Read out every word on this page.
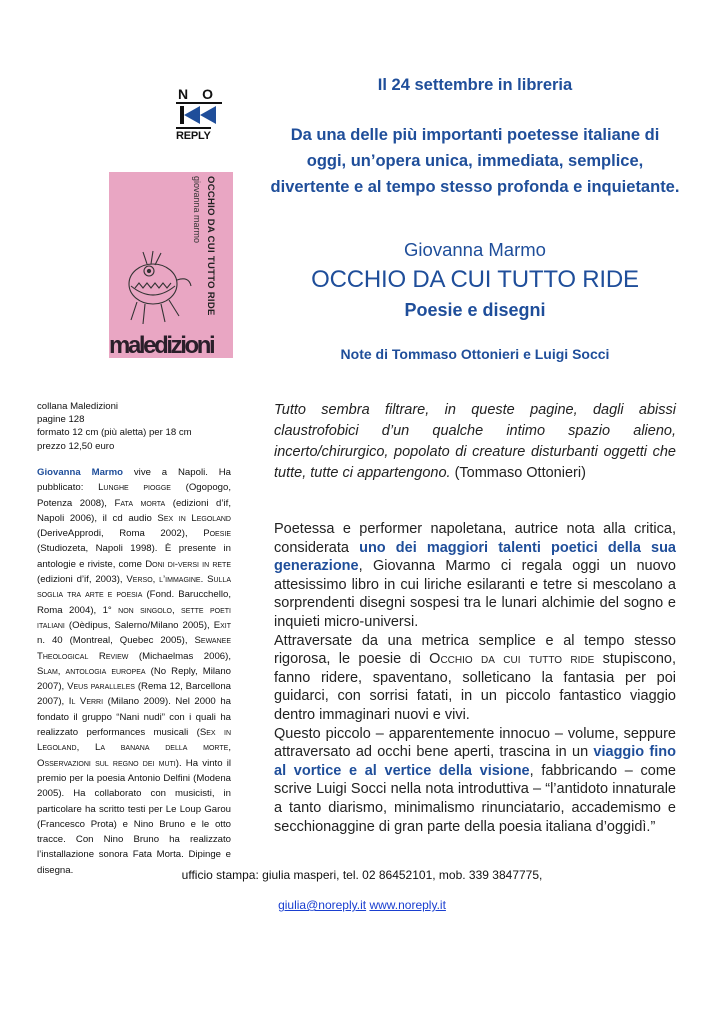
NO
REPLY
giovanna marmo OCCHIO DA CUI TUTTO RIDE
maledizioni
Il 24 settembre in libreria
Da una delle più importanti poetesse italiane di oggi, un’opera unica, immediata, semplice, divertente e al tempo stesso profonda e inquietante.
Giovanna Marmo
OCCHIO DA CUI TUTTO RIDE
Poesie e disegni
Note di Tommaso Ottonieri e Luigi Socci
collana Maledizioni
pagine 128
formato 12 cm (più aletta) per 18 cm
prezzo 12,50 euro
Giovanna Marmo vive a Napoli. Ha pubblicato: Lunghe piogge (Ogopogo, Potenza 2008), Fata morta (edizioni d’if, Napoli 2006), il cd audio Sex in Legoland (DeriveApprodi, Roma 2002), Poesie (Studiozeta, Napoli 1998). È presente in antologie e riviste, come Doni di-versi in rete (edizioni d’if, 2003), Verso, l’immagine. Sulla soglia tra arte e poesia (Fond. Barucchello, Roma 2004), 1° non singolo, sette poeti italiani (Oèdipus, Salerno/Milano 2005), Exit n. 40 (Montreal, Quebec 2005), Sewanee Theological Review (Michaelmas 2006), Slam, antologia europea (No Reply, Milano 2007), Veus paralleles (Rema 12, Barcellona 2007), Il Verri (Milano 2009). Nel 2000 ha fondato il gruppo “Nani nudi” con i quali ha realizzato performances musicali (Sex in Legoland, La banana della morte, Osservazioni sul regno dei muti). Ha vinto il premio per la poesia Antonio Delfini (Modena 2005). Ha collaborato con musicisti, in particolare ha scritto testi per Le Loup Garou (Francesco Prota) e Nino Bruno e le otto tracce. Con Nino Bruno ha realizzato l’installazione sonora Fata Morta. Dipinge e disegna.
Tutto sembra filtrare, in queste pagine, dagli abissi claustrofobici d’un qualche intimo spazio alieno, incerto/chirurgico, popolato di creature disturbanti oggetti che tutte, tutte ci appartengono. (Tommaso Ottonieri)

Poetessa e performer napoletana, autrice nota alla critica, considerata uno dei maggiori talenti poetici della sua generazione, Giovanna Marmo ci regala oggi un nuovo attesissimo libro in cui liriche esilaranti e tetre si mescolano a sorprendenti disegni sospesi tra le lunari alchimie del sogno e inquieti micro-universi.

Attraversate da una metrica semplice e al tempo stesso rigorosa, le poesie di Occhio da cui tutto ride stupiscono, fanno ridere, spaventano, solleticano la fantasia per poi guidarci, con sorrisi fatati, in un piccolo fantastico viaggio dentro immaginari nuovi e vivi.

Questo piccolo – apparentemente innocuo – volume, seppure attraversato ad occhi bene aperti, trascina in un viaggio fino al vortice e al vertice della visione, fabbricando – come scrive Luigi Socci nella nota introduttiva – “l’antidoto innaturale a tanto diarismo, minimalismo rinunciatario, accademismo e secchionaggine di gran parte della poesia italiana d’oggidì.”

ufficio stampa: giulia masperi, tel. 02 86452101, mob. 339 3847775,
giulia@noreply.it www.noreply.it
